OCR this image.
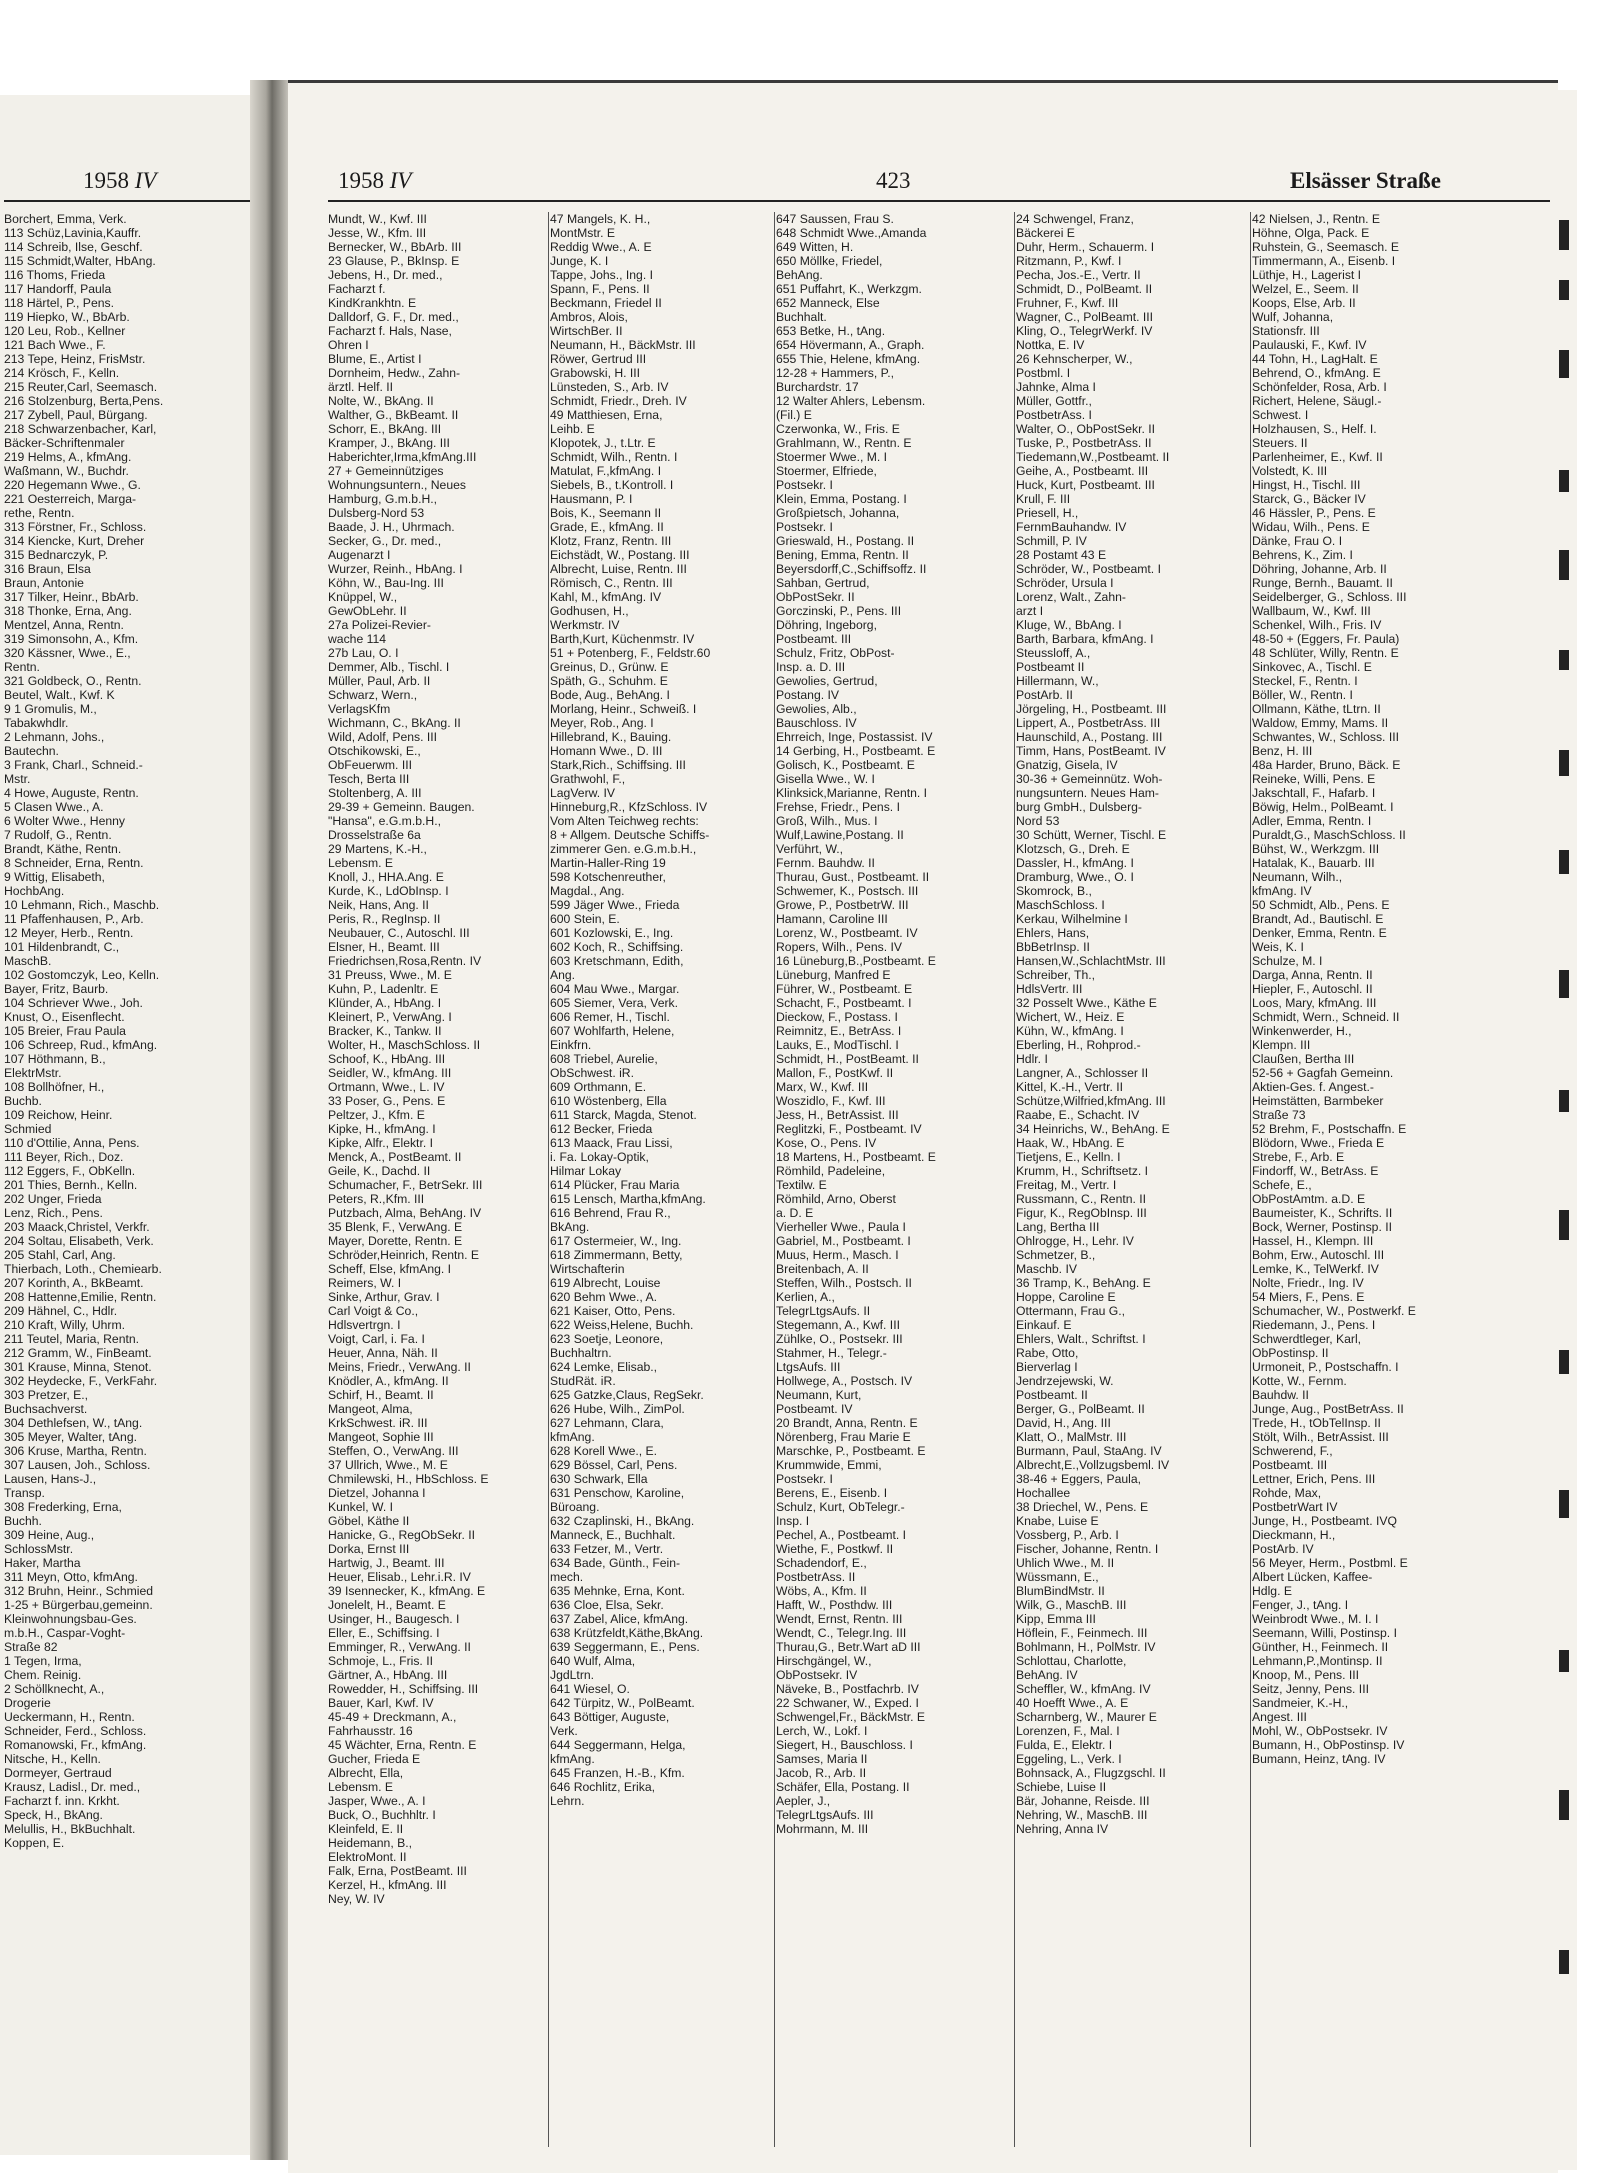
1958 IV	1958 IV	423	Elsässer Straße
Borchert, Emma, Verk.
113 Schüz,Lavinia,Kauffr.
114 Schreib, Ilse, Geschf.
115 Schmidt,Walter, HbAng.
116 Thoms, Frieda
117 Handorff, Paula
118 Härtel, P., Pens.
119 Hiepko, W., BbArb.
120 Leu, Rob., Kellner
121 Bach Wwe., F.
213 Tepe, Heinz, FrisMstr.
214 Krösch, F., Kelln.
215 Reuter,Carl, Seemasch.
216 Stolzenburg, Berta,Pens.
217 Zybell, Paul, Bürgang.
218 Schwarzenbacher, Karl,
Bäcker-Schriftenmaler
219 Helms, A., kfmAng.
Waßmann, W., Buchdr.
220 Hegemann Wwe., G.
221 Oesterreich, Marga-
rethe, Rentn.
313 Förstner, Fr., Schloss.
314 Kiencke, Kurt, Dreher
315 Bednarczyk, P.
316 Braun, Elsa
Braun, Antonie
317 Tilker, Heinr., BbArb.
318 Thonke, Erna, Ang.
Mentzel, Anna, Rentn.
319 Simonsohn, A., Kfm.
320 Kässner, Wwe., E.,
Rentn.
321 Goldbeck, O., Rentn.
Beutel, Walt., Kwf. K
9 1 Gromulis, M.,
Tabakwhdlr.
2 Lehmann, Johs.,
Bautechn.
3 Frank, Charl., Schneid.-
Mstr.
4 Howe, Auguste, Rentn.
5 Clasen Wwe., A.
6 Wolter Wwe., Henny
7 Rudolf, G., Rentn.
Brandt, Käthe, Rentn.
8 Schneider, Erna, Rentn.
9 Wittig, Elisabeth,
HochbAng.
10 Lehmann, Rich., Maschb.
11 Pfaffenhausen, P., Arb.
12 Meyer, Herb., Rentn.
101 Hildenbrandt, C.,
MaschB.
102 Gostomczyk, Leo, Kelln.
Bayer, Fritz, Baurb.
104 Schriever Wwe., Joh.
Knust, O., Eisenflecht.
105 Breier, Frau Paula
106 Schreep, Rud., kfmAng.
107 Höthmann, B.,
ElektrMstr.
108 Bollhöfner, H.,
Buchb.
109 Reichow, Heinr.
Schmied
110 d'Ottilie, Anna, Pens.
111 Beyer, Rich., Doz.
112 Eggers, F., ObKelln.
201 Thies, Bernh., Kelln.
202 Unger, Frieda
Lenz, Rich., Pens.
203 Maack,Christel, Verkfr.
204 Soltau, Elisabeth, Verk.
205 Stahl, Carl, Ang.
Thierbach, Loth., Chemiearb.
207 Korinth, A., BkBeamt.
208 Hattenne,Emilie, Rentn.
209 Hähnel, C., Hdlr.
210 Kraft, Willy, Uhrm.
211 Teutel, Maria, Rentn.
212 Gramm, W., FinBeamt.
301 Krause, Minna, Stenot.
302 Heydecke, F., VerkFahr.
303 Pretzer, E.,
Buchsachverst.
304 Dethlefsen, W., tAng.
305 Meyer, Walter, tAng.
306 Kruse, Martha, Rentn.
307 Lausen, Joh., Schloss.
Lausen, Hans-J.,
Transp.
308 Frederking, Erna,
Buchh.
309 Heine, Aug.,
SchlossMstr.
Haker, Martha
311 Meyn, Otto, kfmAng.
312 Bruhn, Heinr., Schmied
1-25 + Bürgerbau,gemeinn.
Kleinwohnungsbau-Ges.
m.b.H., Caspar-Voght-
Straße 82
1 Tegen, Irma,
Chem. Reinig.
2 Schöllknecht, A.,
Drogerie
Ueckermann, H., Rentn.
Schneider, Ferd., Schloss.
Romanowski, Fr., kfmAng.
Nitsche, H., Kelln.
Dormeyer, Gertraud
Krausz, Ladisl., Dr. med.,
Facharzt f. inn. Krkht.
Speck, H., BkAng.
Melullis, H., BkBuchhalt.
Koppen, E.
Mundt, W., Kwf. III
Jesse, W., Kfm. III
Bernecker, W., BbArb. III
23 Glause, P., BkInsp. E
Jebens, H., Dr. med.,
Facharzt f.
KindKrankhtn. E
Dalldorf, G. F., Dr. med.,
Facharzt f. Hals, Nase,
Ohren I
Blume, E., Artist I
Dornheim, Hedw., Zahn-
ärztl. Helf. II
Nolte, W., BkAng. II
Walther, G., BkBeamt. II
Schorr, E., BkAng. III
Kramper, J., BkAng. III
Haberichter,Irma,kfmAng.III
27 + Gemeinnütziges
Wohnungsuntern., Neues
Hamburg, G.m.b.H.,
Dulsberg-Nord 53
Baade, J. H., Uhrmach.
Secker, G., Dr. med.,
Augenarzt I
Wurzer, Reinh., HbAng. I
Köhn, W., Bau-Ing. III
Knüppel, W.,
GewObLehr. II
27a Polizei-Revier-
wache 114
27b Lau, O. I
Demmer, Alb., Tischl. I
Müller, Paul, Arb. II
Schwarz, Wern.,
VerlagsKfm
Wichmann, C., BkAng. II
Wild, Adolf, Pens. III
Otschikowski, E.,
ObFeuerwm. III
Tesch, Berta III
Stoltenberg, A. III
29-39 + Gemeinn. Baugen.
"Hansa", e.G.m.b.H.,
Drosselstraße 6a
29 Martens, K.-H.,
Lebensm. E
Knoll, J., HHA.Ang. E
Kurde, K., LdObInsp. I
Neik, Hans, Ang. II
Peris, R., RegInsp. II
Neubauer, C., Autoschl. III
Elsner, H., Beamt. III
Friedrichsen,Rosa,Rentn. IV
31 Preuss, Wwe., M. E
Kuhn, P., Ladenltr. E
Klünder, A., HbAng. I
Kleinert, P., VerwAng. I
Bracker, K., Tankw. II
Wolter, H., MaschSchloss. II
Schoof, K., HbAng. III
Seidler, W., kfmAng. III
Ortmann, Wwe., L. IV
33 Poser, G., Pens. E
Peltzer, J., Kfm. E
Kipke, H., kfmAng. I
Kipke, Alfr., Elektr. I
Menck, A., PostBeamt. II
Geile, K., Dachd. II
Schumacher, F., BetrSekr. III
Peters, R.,Kfm. III
Putzbach, Alma, BehAng. IV
35 Blenk, F., VerwAng. E
Mayer, Dorette, Rentn. E
Schröder,Heinrich, Rentn. E
Scheff, Else, kfmAng. I
Reimers, W. I
Sinke, Arthur, Grav. I
Carl Voigt & Co.,
Hdlsvertrgn. I
Voigt, Carl, i. Fa. I
Heuer, Anna, Näh. II
Meins, Friedr., VerwAng. II
Knödler, A., kfmAng. II
Schirf, H., Beamt. II
Mangeot, Alma,
KrkSchwest. iR. III
Mangeot, Sophie III
Steffen, O., VerwAng. III
37 Ullrich, Wwe., M. E
Chmilewski, H., HbSchloss. E
Dietzel, Johanna I
Kunkel, W. I
Göbel, Käthe II
Hanicke, G., RegObSekr. II
Dorka, Ernst III
Hartwig, J., Beamt. III
Heuer, Elisab., Lehr.i.R. IV
39 Isennecker, K., kfmAng. E
Jonelelt, H., Beamt. E
Usinger, H., Baugesch. I
Eller, E., Schiffsing. I
Emminger, R., VerwAng. II
Schmoje, L., Fris. II
Gärtner, A., HbAng. III
Rowedder, H., Schiffsing. III
Bauer, Karl, Kwf. IV
45-49 + Dreckmann, A.,
Fahrhausstr. 16
45 Wächter, Erna, Rentn. E
Gucher, Frieda E
Albrecht, Ella,
Lebensm. E
Jasper, Wwe., A. I
Buck, O., Buchhltr. I
Kleinfeld, E. II
Heidemann, B.,
ElektroMont. II
Falk, Erna, PostBeamt. III
Kerzel, H., kfmAng. III
Ney, W. IV
47 Mangels, K. H.,
MontMstr. E
Reddig Wwe., A. E
Junge, K. I
Tappe, Johs., Ing. I
Spann, F., Pens. II
Beckmann, Friedel II
Ambros, Alois,
WirtschBer. II
Neumann, H., BäckMstr. III
Röwer, Gertrud III
Grabowski, H. III
Lünsteden, S., Arb. IV
Schmidt, Friedr., Dreh. IV
49 Matthiesen, Erna,
Leihb. E
Klopotek, J., t.Ltr. E
Schmidt, Wilh., Rentn. I
Matulat, F.,kfmAng. I
Siebels, B., t.Kontroll. I
Hausmann, P. I
Bois, K., Seemann II
Grade, E., kfmAng. II
Klotz, Franz, Rentn. III
Eichstädt, W., Postang. III
Albrecht, Luise, Rentn. III
Römisch, C., Rentn. III
Kahl, M., kfmAng. IV
Godhusen, H.,
Werkmstr. IV
Barth,Kurt, Küchenmstr. IV
51 + Potenberg, F., Feldstr.60
Greinus, D., Grünw. E
Späth, G., Schuhm. E
Bode, Aug., BehAng. I
Morlang, Heinr., Schweiß. I
Meyer, Rob., Ang. I
Hillebrand, K., Bauing.
Homann Wwe., D. III
Stark,Rich., Schiffsing. III
Grathwohl, F.,
LagVerw. IV
Hinneburg,R., KfzSchloss. IV
Vom Alten Teichweg rechts:
8 + Allgem. Deutsche Schiffs-
zimmerer Gen. e.G.m.b.H.,
Martin-Haller-Ring 19
598 Kotschenreuther,
Magdal., Ang.
599 Jäger Wwe., Frieda
600 Stein, E.
601 Kozlowski, E., Ing.
602 Koch, R., Schiffsing.
603 Kretschmann, Edith,
Ang.
604 Mau Wwe., Margar.
605 Siemer, Vera, Verk.
606 Remer, H., Tischl.
607 Wohlfarth, Helene,
Einkfrn.
608 Triebel, Aurelie,
ObSchwest. iR.
609 Orthmann, E.
610 Wöstenberg, Ella
611 Starck, Magda, Stenot.
612 Becker, Frieda
613 Maack, Frau Lissi,
i. Fa. Lokay-Optik,
Hilmar Lokay
614 Plücker, Frau Maria
615 Lensch, Martha,kfmAng.
616 Behrend, Frau R.,
BkAng.
617 Ostermeier, W., Ing.
618 Zimmermann, Betty,
Wirtschafterin
619 Albrecht, Louise
620 Behm Wwe., A.
621 Kaiser, Otto, Pens.
622 Weiss,Helene, Buchh.
623 Soetje, Leonore,
Buchhaltrn.
624 Lemke, Elisab.,
StudRät. iR.
625 Gatzke,Claus, RegSekr.
626 Hube, Wilh., ZimPol.
627 Lehmann, Clara,
kfmAng.
628 Korell Wwe., E.
629 Bössel, Carl, Pens.
630 Schwark, Ella
631 Penschow, Karoline,
Büroang.
632 Czaplinski, H., BkAng.
Manneck, E., Buchhalt.
633 Fetzer, M., Vertr.
634 Bade, Günth., Fein-
mech.
635 Mehnke, Erna, Kont.
636 Cloe, Elsa, Sekr.
637 Zabel, Alice, kfmAng.
638 Krützfeldt,Käthe,BkAng.
639 Seggermann, E., Pens.
640 Wulf, Alma,
JgdLtrn.
641 Wiesel, O.
642 Türpitz, W., PolBeamt.
643 Böttiger, Auguste,
Verk.
644 Seggermann, Helga,
kfmAng.
645 Franzen, H.-B., Kfm.
646 Rochlitz, Erika,
Lehrn.
647 Saussen, Frau S.
648 Schmidt Wwe.,Amanda
649 Witten, H.
650 Möllke, Friedel,
BehAng.
651 Puffahrt, K., Werkzgm.
652 Manneck, Else
Buchhalt.
653 Betke, H., tAng.
654 Hövermann, A., Graph.
655 Thie, Helene, kfmAng.
12-28 + Hammers, P.,
Burchardstr. 17
12 Walter Ahlers, Lebensm.
(Fil.) E
Czerwonka, W., Fris. E
Grahlmann, W., Rentn. E
Stoermer Wwe., M. I
Stoermer, Elfriede,
Postsekr. I
Klein, Emma, Postang. I
Großpietsch, Johanna,
Postsekr. I
Grieswald, H., Postang. II
Bening, Emma, Rentn. II
Beyersdorff,C.,Schiffsoffz. II
Sahban, Gertrud,
ObPostSekr. II
Gorczinski, P., Pens. III
Döhring, Ingeborg,
Postbeamt. III
Schulz, Fritz, ObPost-
Insp. a. D. III
Gewolies, Gertrud,
Postang. IV
Gewolies, Alb.,
Bauschloss. IV
Ehrreich, Inge, Postassist. IV
14 Gerbing, H., Postbeamt. E
Golisch, K., Postbeamt. E
Gisella Wwe., W. I
Klinksick,Marianne, Rentn. I
Frehse, Friedr., Pens. I
Groß, Wilh., Mus. I
Wulf,Lawine,Postang. II
Verführt, W.,
Fernm. Bauhdw. II
Thurau, Gust., Postbeamt. II
Schwemer, K., Postsch. III
Growe, P., PostbetrW. III
Hamann, Caroline III
Lorenz, W., Postbeamt. IV
Ropers, Wilh., Pens. IV
16 Lüneburg,B.,Postbeamt. E
Lüneburg, Manfred E
Führer, W., Postbeamt. E
Schacht, F., Postbeamt. I
Dieckow, F., Postass. I
Reimnitz, E., BetrAss. I
Lauks, E., ModTischl. I
Schmidt, H., PostBeamt. II
Mallon, F., PostKwf. II
Marx, W., Kwf. III
Woszidlo, F., Kwf. III
Jess, H., BetrAssist. III
Reglitzki, F., Postbeamt. IV
Kose, O., Pens. IV
18 Martens, H., Postbeamt. E
Römhild, Padeleine,
Textilw. E
Römhild, Arno, Oberst
a. D. E
Vierheller Wwe., Paula I
Gabriel, M., Postbeamt. I
Muus, Herm., Masch. I
Breitenbach, A. II
Steffen, Wilh., Postsch. II
Kerlien, A.,
TelegrLtgsAufs. II
Stegemann, A., Kwf. III
Zühlke, O., Postsekr. III
Stahmer, H., Telegr.-
LtgsAufs. III
Hollwege, A., Postsch. IV
Neumann, Kurt,
Postbeamt. IV
20 Brandt, Anna, Rentn. E
Nörenberg, Frau Marie E
Marschke, P., Postbeamt. E
Krummwide, Emmi,
Postsekr. I
Berens, E., Eisenb. I
Schulz, Kurt, ObTelegr.-
Insp. I
Pechel, A., Postbeamt. I
Wiethe, F., Postkwf. II
Schadendorf, E.,
PostbetrAss. II
Wöbs, A., Kfm. II
Hafft, W., Posthdw. III
Wendt, Ernst, Rentn. III
Wendt, C., Telegr.Ing. III
Thurau,G., Betr.Wart aD III
Hirschgängel, W.,
ObPostsekr. IV
Näveke, B., Postfachrb. IV
22 Schwaner, W., Exped. I
Schwengel,Fr., BäckMstr. E
Lerch, W., Lokf. I
Siegert, H., Bauschloss. I
Samses, Maria II
Jacob, R., Arb. II
Schäfer, Ella, Postang. II
Aepler, J.,
TelegrLtgsAufs. III
Mohrmann, M. III
24 Schwengel, Franz,
Bäckerei E
Duhr, Herm., Schauerm. I
Ritzmann, P., Kwf. I
Pecha, Jos.-E., Vertr. II
Schmidt, D., PolBeamt. II
Fruhner, F., Kwf. III
Wagner, C., PolBeamt. III
Kling, O., TelegrWerkf. IV
Nottka, E. IV
26 Kehnscherper, W.,
Postbml. I
Jahnke, Alma I
Müller, Gottfr.,
PostbetrAss. I
Walter, O., ObPostSekr. II
Tuske, P., PostbetrAss. II
Tiedemann,W.,Postbeamt. II
Geihe, A., Postbeamt. III
Huck, Kurt, Postbeamt. III
Krull, F. III
Priesell, H.,
FernmBauhandw. IV
Schmill, P. IV
28 Postamt 43 E
Schröder, W., Postbeamt. I
Schröder, Ursula I
Lorenz, Walt., Zahn-
arzt I
Kluge, W., BbAng. I
Barth, Barbara, kfmAng. I
Steussloff, A.,
Postbeamt II
Hillermann, W.,
PostArb. II
Jörgeling, H., Postbeamt. III
Lippert, A., PostbetrAss. III
Haunschild, A., Postang. III
Timm, Hans, PostBeamt. IV
Gnatzig, Gisela, IV
30-36 + Gemeinnütz. Woh-
nungsuntern. Neues Ham-
burg GmbH., Dulsberg-
Nord 53
30 Schütt, Werner, Tischl. E
Klotzsch, G., Dreh. E
Dassler, H., kfmAng. I
Dramburg, Wwe., O. I
Skomrock, B.,
MaschSchloss. I
Kerkau, Wilhelmine I
Ehlers, Hans,
BbBetrInsp. II
Hansen,W.,SchlachtMstr. III
Schreiber, Th.,
HdlsVertr. III
32 Posselt Wwe., Käthe E
Wichert, W., Heiz. E
Kühn, W., kfmAng. I
Eberling, H., Rohprod.-
Hdlr. I
Langner, A., Schlosser II
Kittel, K.-H., Vertr. II
Schütze,Wilfried,kfmAng. III
Raabe, E., Schacht. IV
34 Heinrichs, W., BehAng. E
Haak, W., HbAng. E
Tietjens, E., Kelln. I
Krumm, H., Schriftsetz. I
Freitag, M., Vertr. I
Russmann, C., Rentn. II
Figur, K., RegObInsp. III
Lang, Bertha III
Ohlrogge, H., Lehr. IV
Schmetzer, B.,
Maschb. IV
36 Tramp, K., BehAng. E
Hoppe, Caroline E
Ottermann, Frau G.,
Einkauf. E
Ehlers, Walt., Schriftst. I
Rabe, Otto,
Bierverlag I
Jendrzejewski, W.
Postbeamt. II
Berger, G., PolBeamt. II
David, H., Ang. III
Klatt, O., MalMstr. III
Burmann, Paul, StaAng. IV
Albrecht,E.,Vollzugsbeml. IV
38-46 + Eggers, Paula,
Hochallee
38 Driechel, W., Pens. E
Knabe, Luise E
Vossberg, P., Arb. I
Fischer, Johanne, Rentn. I
Uhlich Wwe., M. II
Wüssmann, E.,
BlumBindMstr. II
Wilk, G., MaschB. III
Kipp, Emma III
Höflein, F., Feinmech. III
Bohlmann, H., PolMstr. IV
Schlottau, Charlotte,
BehAng. IV
Scheffler, W., kfmAng. IV
40 Hoefft Wwe., A. E
Scharnberg, W., Maurer E
Lorenzen, F., Mal. I
Fulda, E., Elektr. I
Eggeling, L., Verk. I
Bohnsack, A., Flugzgschl. II
Schiebe, Luise II
Bär, Johanne, Reisde. III
Nehring, W., MaschB. III
Nehring, Anna IV
42 Nielsen, J., Rentn. E
Höhne, Olga, Pack. E
Ruhstein, G., Seemasch. E
Timmermann, A., Eisenb. I
Lüthje, H., Lagerist I
Welzel, E., Seem. II
Koops, Else, Arb. II
Wulf, Johanna,
Stationsfr. III
Paulauski, F., Kwf. IV
44 Tohn, H., LagHalt. E
Behrend, O., kfmAng. E
Schönfelder, Rosa, Arb. I
Richert, Helene, Säugl.-
Schwest. I
Holzhausen, S., Helf. I.
Steuers. II
Parlenheimer, E., Kwf. II
Volstedt, K. III
Hingst, H., Tischl. III
Starck, G., Bäcker IV
46 Hässler, P., Pens. E
Widau, Wilh., Pens. E
Dänke, Frau O. I
Behrens, K., Zim. I
Döhring, Johanne, Arb. II
Runge, Bernh., Bauamt. II
Seidelberger, G., Schloss. III
Wallbaum, W., Kwf. III
Schenkel, Wilh., Fris. IV
48-50 + (Eggers, Fr. Paula)
48 Schlüter, Willy, Rentn. E
Sinkovec, A., Tischl. E
Steckel, F., Rentn. I
Böller, W., Rentn. I
Ollmann, Käthe, tLtrn. II
Waldow, Emmy, Mams. II
Schwantes, W., Schloss. III
Benz, H. III
48a Harder, Bruno, Bäck. E
Reineke, Willi, Pens. E
Jakschtall, F., Hafarb. I
Böwig, Helm., PolBeamt. I
Adler, Emma, Rentn. I
Puraldt,G., MaschSchloss. II
Bühst, W., Werkzgm. III
Hatalak, K., Bauarb. III
Neumann, Wilh.,
kfmAng. IV
50 Schmidt, Alb., Pens. E
Brandt, Ad., Bautischl. E
Denker, Emma, Rentn. E
Weis, K. I
Schulze, M. I
Darga, Anna, Rentn. II
Hiepler, F., Autoschl. II
Loos, Mary, kfmAng. III
Schmidt, Wern., Schneid. II
Winkenwerder, H.,
Klempn. III
Claußen, Bertha III
52-56 + Gagfah Gemeinn.
Aktien-Ges. f. Angest.-
Heimstätten, Barmbeker
Straße 73
52 Brehm, F., Postschaffn. E
Blödorn, Wwe., Frieda E
Strebe, F., Arb. E
Findorff, W., BetrAss. E
Schefe, E.,
ObPostAmtm. a.D. E
Baumeister, K., Schrifts. II
Bock, Werner, Postinsp. II
Hassel, H., Klempn. III
Bohm, Erw., Autoschl. III
Lemke, K., TelWerkf. IV
Nolte, Friedr., Ing. IV
54 Miers, F., Pens. E
Schumacher, W., Postwerkf. E
Riedemann, J., Pens. I
Schwerdtleger, Karl,
ObPostinsp. II
Urmoneit, P., Postschaffn. I
Kotte, W., Fernm.
Bauhdw. II
Junge, Aug., PostBetrAss. II
Trede, H., tObTelInsp. II
Stölt, Wilh., BetrAssist. III
Schwerend, F.,
Postbeamt. III
Lettner, Erich, Pens. III
Rohde, Max,
PostbetrWart IV
Junge, H., Postbeamt. IVQ
Dieckmann, H.,
PostArb. IV
56 Meyer, Herm., Postbml. E
Albert Lücken, Kaffee-
Hdlg. E
Fenger, J., tAng. I
Weinbrodt Wwe., M. I. I
Seemann, Willi, Postinsp. I
Günther, H., Feinmech. II
Lehmann,P.,Montinsp. II
Knoop, M., Pens. III
Seitz, Jenny, Pens. III
Sandmeier, K.-H.,
Angest. III
Mohl, W., ObPostsekr. IV
Bumann, H., ObPostinsp. IV
Bumann, Heinz, tAng. IV
